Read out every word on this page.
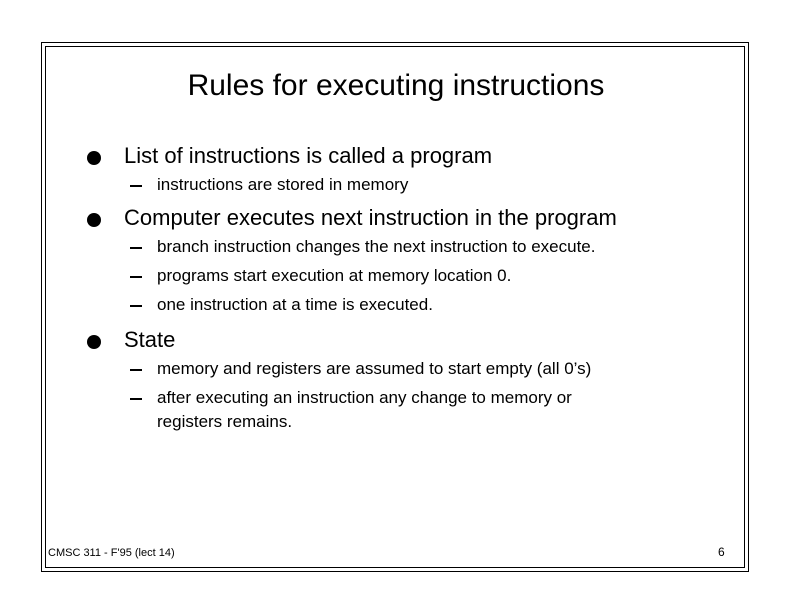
Rules for executing instructions
List of instructions is called a program
instructions are stored in memory
Computer executes next instruction in the program
branch instruction changes the next instruction to execute.
programs start execution at memory location 0.
one instruction at a time is executed.
State
memory and registers are assumed to start empty (all 0’s)
after executing an instruction any change to memory or
registers remains.
CMSC 311 - F'95 (lect 14)	6
